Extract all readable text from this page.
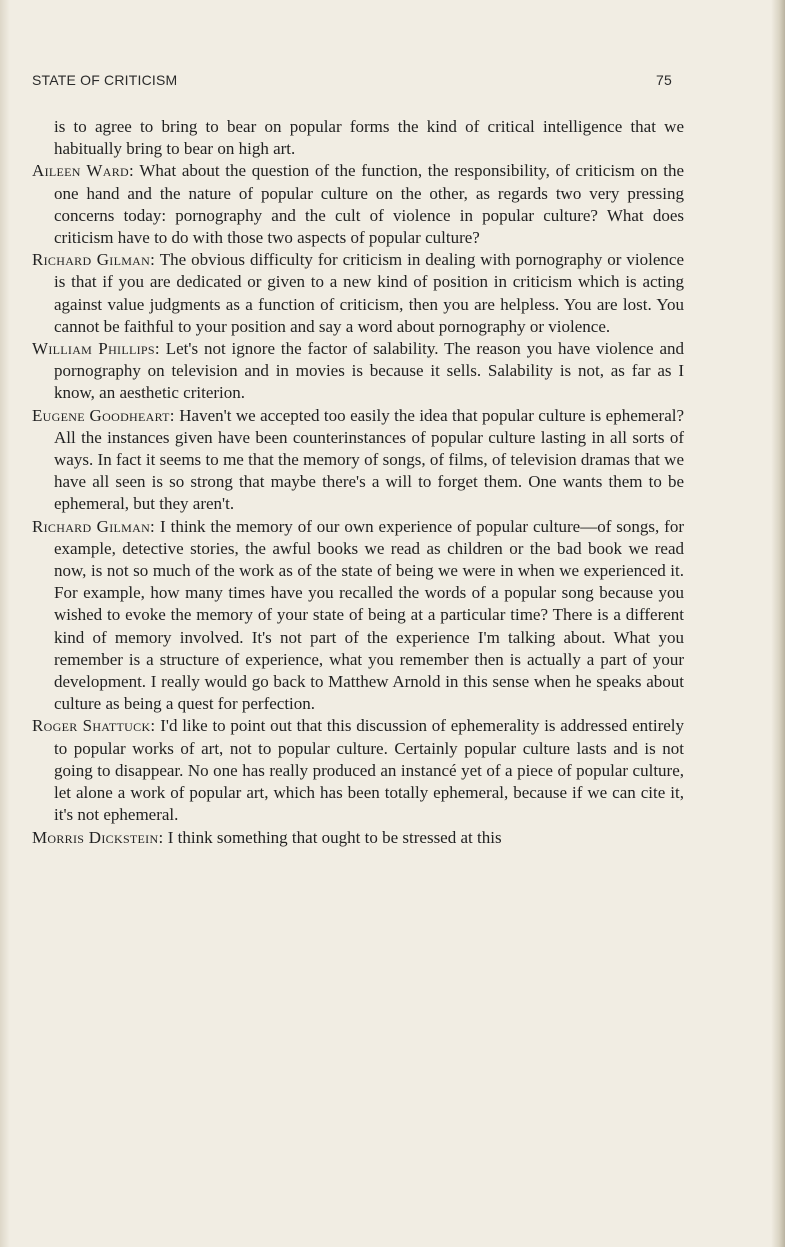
STATE OF CRITICISM	75

is to agree to bring to bear on popular forms the kind of critical intelligence that we habitually bring to bear on high art.

Aileen Ward: What about the question of the function, the responsibility, of criticism on the one hand and the nature of popular culture on the other, as regards two very pressing concerns today: pornography and the cult of violence in popular culture? What does criticism have to do with those two aspects of popular culture?

Richard Gilman: The obvious difficulty for criticism in dealing with pornography or violence is that if you are dedicated or given to a new kind of position in criticism which is acting against value judgments as a function of criticism, then you are helpless. You are lost. You cannot be faithful to your position and say a word about pornography or violence.

William Phillips: Let's not ignore the factor of salability. The reason you have violence and pornography on television and in movies is because it sells. Salability is not, as far as I know, an aesthetic criterion.

Eugene Goodheart: Haven't we accepted too easily the idea that popular culture is ephemeral? All the instances given have been counterinstances of popular culture lasting in all sorts of ways. In fact it seems to me that the memory of songs, of films, of television dramas that we have all seen is so strong that maybe there's a will to forget them. One wants them to be ephemeral, but they aren't.

Richard Gilman: I think the memory of our own experience of popular culture—of songs, for example, detective stories, the awful books we read as children or the bad book we read now, is not so much of the work as of the state of being we were in when we experienced it. For example, how many times have you recalled the words of a popular song because you wished to evoke the memory of your state of being at a particular time? There is a different kind of memory involved. It's not part of the experience I'm talking about. What you remember is a structure of experience, what you remember then is actually a part of your development. I really would go back to Matthew Arnold in this sense when he speaks about culture as being a quest for perfection.

Roger Shattuck: I'd like to point out that this discussion of ephemerality is addressed entirely to popular works of art, not to popular culture. Certainly popular culture lasts and is not going to disappear. No one has really produced an instancé yet of a piece of popular culture, let alone a work of popular art, which has been totally ephemeral, because if we can cite it, it's not ephemeral.

Morris Dickstein: I think something that ought to be stressed at this
